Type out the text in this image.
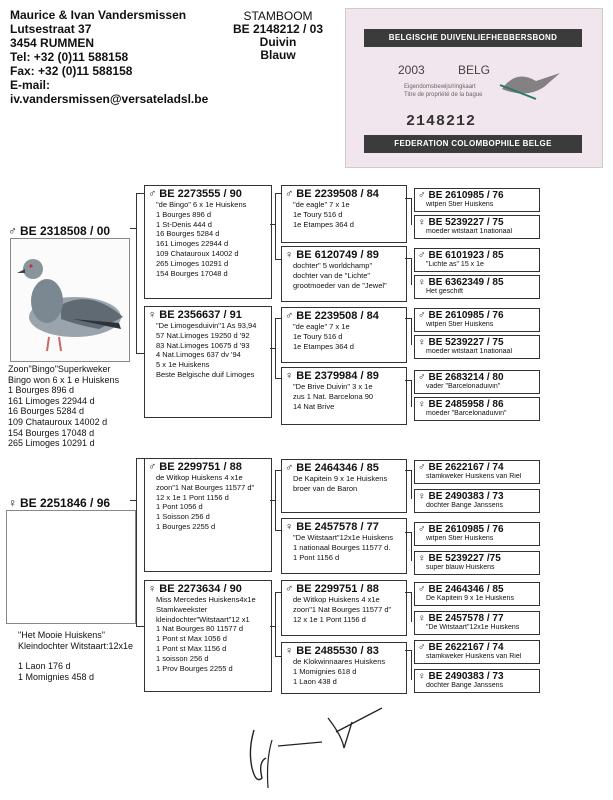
Maurice & Ivan Vandersmissen
Lutsestraat 37
3454 RUMMEN
Tel: +32 (0)11 588158
Fax: +32 (0)11 588158
E-mail:
iv.vandersmissen@versateladsl.be
STAMBOOM
BE 2148212 / 03
Duivin
Blauw
BELGISCHE DUIVENLIEFHEBBERSBOND
2003	BELG
Eigendomsbewijs/ringkaart
Titre de propriété de la bague
2148212
FEDERATION COLOMBOPHILE BELGE
♂ BE 2318508 / 00
Zoon"Bingo"Superkweker
Bingo won 6 x 1 e Huiskens
1 Bourges 896 d
161 Limoges 22944 d
16 Bourges 5284 d
109 Chatauroux 14002 d
154 Bourges 17048 d
265 Limoges 10291 d
♀ BE 2251846 / 96
"Het Mooie Huiskens"
Kleindochter Witstaart:12x1e
1 Laon 176 d
1 Momignies 458 d
♂ BE 2273555 / 90
"de Bingo" 6 x 1e Huiskens
1 Bourges 896 d
1 St-Denis 444 d
16 Bourges 5284 d
161 Limoges 22944 d
109 Chatauroux 14002 d
265 Limoges 10291 d
154 Bourges 17048 d
♀ BE 2356637 / 91
"De Limogesduivin"1 As 93,94
57 Nat.Limoges 19250 d '92
83 Nat.Limoges 10675 d '93
4 Nat.Limoges 637 dv '94
5 x 1e Huiskens
Beste Belgische duif Limoges
♂ BE 2299751 / 88
de Witkop Huiskens 4 x1e
zoon"1 Nat Bourges 11577 d"
12 x 1e 1 Pont 1156 d
1 Pont 1056 d
1 Soisson 256 d
1 Bourges 2255 d
♀ BE 2273634 / 90
Miss Mercedes Huiskens4x1e
Stamkweekster
kleindochter"Witstaart"12 x1
1 Nat Bourges 80 11577 d
1 Pont st Max 1056 d
1 Pont st Max 1156 d
1 soisson 256 d
1 Prov Bourges 2255 d
♂ BE 2239508 / 84
"de eagle" 7 x 1e
1e Toury 516 d
1e Etampes 364 d
♀ BE 6120749 / 89
dochter" 5 worldchamp"
dochter van de "Lichte"
grootmoeder van de "Jewel"
♂ BE 2239508 / 84
"de eagle" 7 x 1e
1e Toury 516 d
1e Etampes 364 d
♀ BE 2379984 / 89
"De Brive Duivin" 3 x 1e
zus 1 Nat. Barcelona 90
14 Nat Brive
♂ BE 2464346 / 85
De Kapitein 9 x 1e Huiskens
broer van de Baron
♀ BE 2457578 / 77
"De Witstaart"12x1e Huiskens
1 nationaal Bourges 11577 d.
1 Pont 1156 d
♂ BE 2299751 / 88
de Witkop Huiskens 4 x1e
zoon"1 Nat Bourges 11577 d"
12 x 1e 1 Pont 1156 d
♀ BE 2485530 / 83
de Klokwinnaares Huiskens
1 Momignies 618 d
1 Laon 438 d
♂ BE 2610985 / 76
witpen Stier Huiskens
♀ BE 5239227 / 75
moeder witstaart 1nationaal
♂ BE 6101923 / 85
"Lichte as" 15 x 1e
♀ BE 6362349 / 85
Het geschift
♂ BE 2610985 / 76
witpen Stier Huiskens
♀ BE 5239227 / 75
moeder witstaart 1nationaal
♂ BE 2683214 / 80
vader "Barcelonaduivin"
♀ BE 2485958 / 86
moeder "Barcelonaduivin"
♂ BE 2622167 / 74
stamkweker Huiskens van Riel
♀ BE 2490383 / 73
dochter Bange Janssens
♂ BE 2610985 / 76
witpen Stier Huiskens
♀ BE 5239227 /75
super blauw Huiskens
♂ BE 2464346 / 85
De Kapitein 9 x 1e Huiskens
♀ BE 2457578 / 77
"De Witstaart"12x1e Huiskens
♂ BE 2622167 / 74
stamkweker Huiskens van Riel
♀ BE 2490383 / 73
dochter Bange Janssens
